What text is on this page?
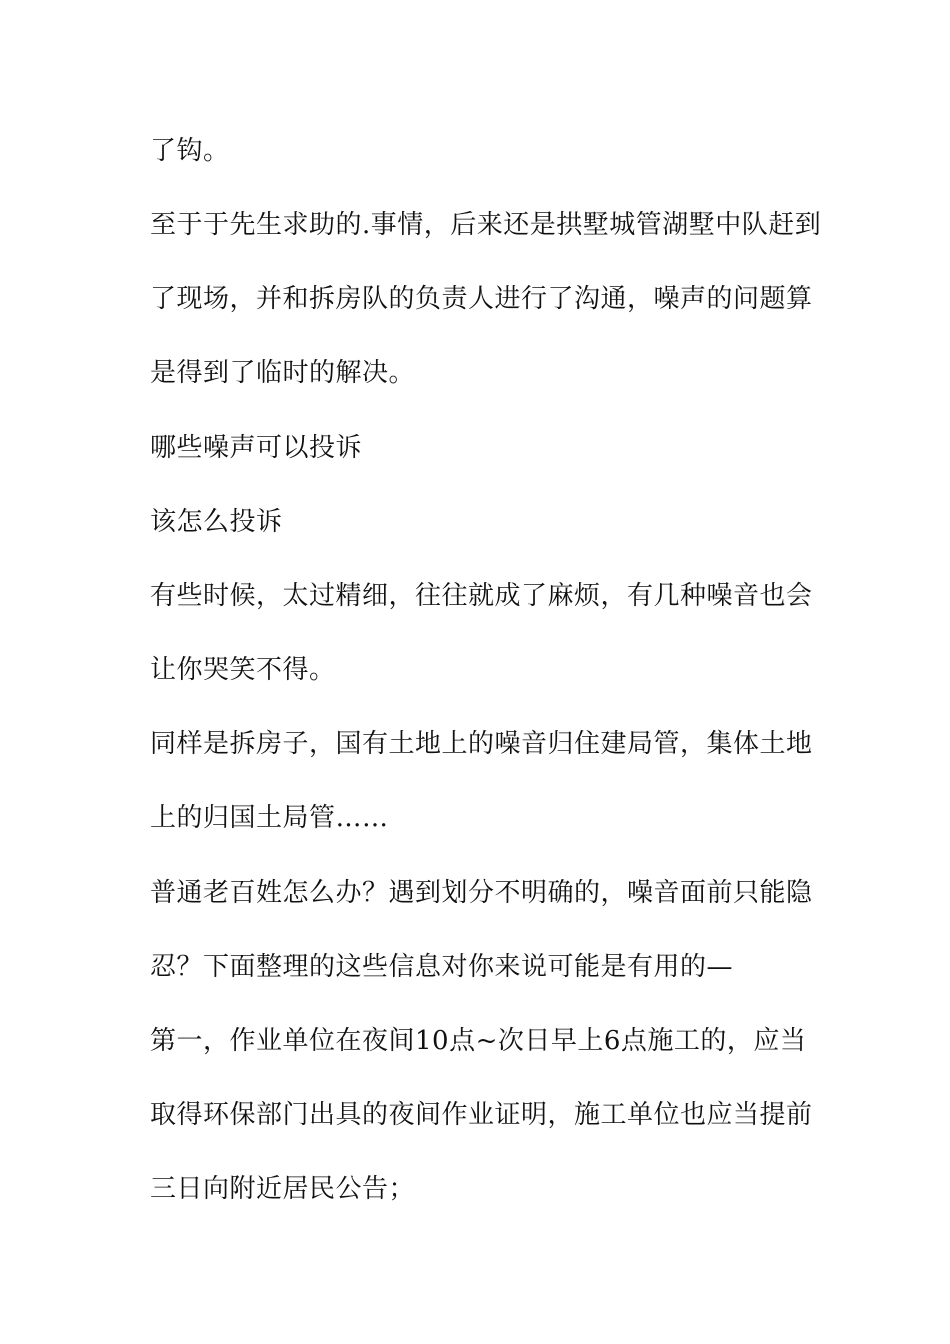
了钩。
至于于先生求助的.事情，后来还是拱墅城管湖墅中队赶到
了现场，并和拆房队的负责人进行了沟通，噪声的问题算
是得到了临时的解决。
哪些噪声可以投诉
该怎么投诉
有些时候，太过精细，往往就成了麻烦，有几种噪音也会
让你哭笑不得。
同样是拆房子，国有土地上的噪音归住建局管，集体土地
上的归国土局管……
普通老百姓怎么办？遇到划分不明确的，噪音面前只能隐
忍？下面整理的这些信息对你来说可能是有用的—
第一，作业单位在夜间10点~次日早上6点施工的，应当
取得环保部门出具的夜间作业证明，施工单位也应当提前
三日向附近居民公告；
